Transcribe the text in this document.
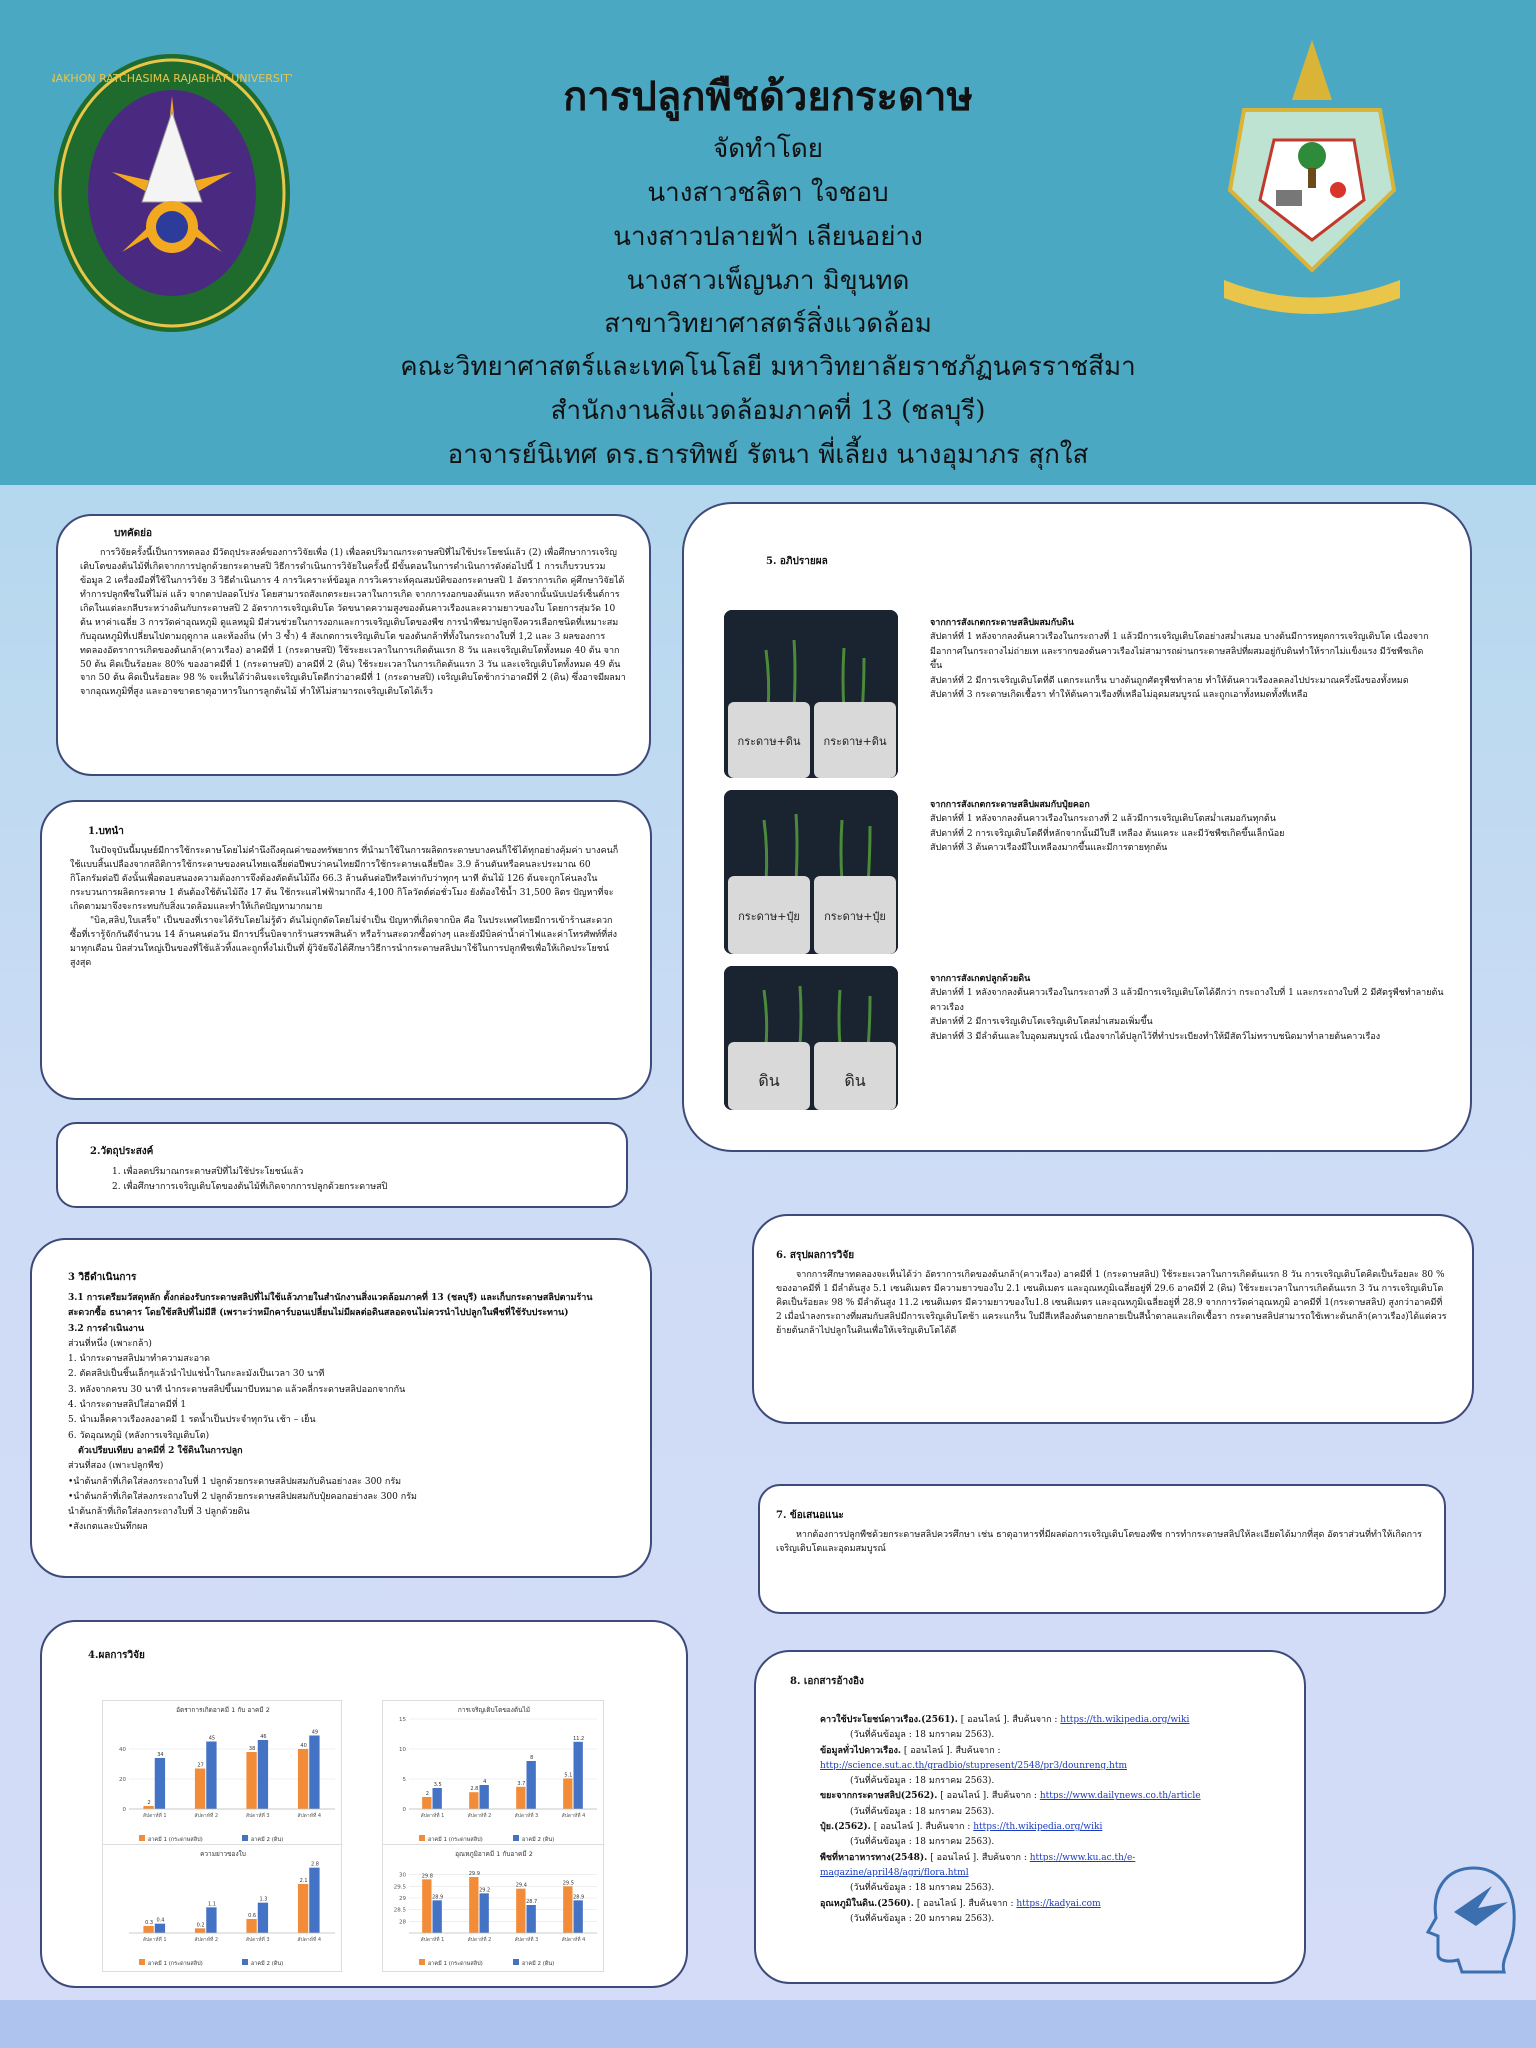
NAKHON RATCHASIMA RAJABHAT UNIVERSITY	การปลูกพืชด้วยกระดาษ
จัดทำโดย
นางสาวชลิตา ใจชอบ
นางสาวปลายฟ้า เลียนอย่าง
นางสาวเพ็ญนภา มิขุนทด
สาขาวิทยาศาสตร์สิ่งแวดล้อม
คณะวิทยาศาสตร์และเทคโนโลยี มหาวิทยาลัยราชภัฏนครราชสีมา
สำนักงานสิ่งแวดล้อมภาคที่ 13 (ชลบุรี)
อาจารย์นิเทศ ดร.ธารทิพย์ รัตนา พี่เลี้ยง นางอุมาภร สุกใส
บทคัดย่อ

การวิจัยครั้งนี้เป็นการทดลอง มีวัตถุประสงค์ของการวิจัยเพื่อ (1) เพื่อลดปริมาณกระดาษสปิที่ไม่ใช้ประโยชน์แล้ว (2) เพื่อศึกษาการเจริญเติบโตของต้นไม้ที่เกิดจากการปลูกด้วยกระดาษสปิ วิธีการดำเนินการวิจัยในครั้งนี้ มีขั้นตอนในการดำเนินการดังต่อไปนี้ 1 การเก็บรวบรวมข้อมูล 2 เครื่องมือที่ใช้ในการวิจัย 3 วิธีดำเนินการ 4 การวิเคราะห์ข้อมูล การวิเคราะห์คุณสมบัติของกระดาษสปิ 1 อัตราการเกิด คู่ศึกษาวิจัยได้ทำการปลูกพืชในที่ไม่ล่ แล้ว จากตาปลอดโปร่ง โดยสามารถสังเกตระยะเวลาในการเกิด จากการงอกของต้นแรก หลังจากนั้นนับเปอร์เซ็นต์การเกิดในแต่ละกลีบระหว่างดินกับกระดาษสปิ 2 อัตราการเจริญเติบโต วัดขนาดความสูงของต้นคาวเรืองและความยาวของใบ โดยการสุ่มวัด 10 ต้น หาค่าเฉลี่ย 3 การวัดค่าอุณหภูมิ ดูแลหมูมิ มีส่วนช่วยในการงอกและการเจริญเติบโตของพืช การนำพืชมาปลูกจึงควรเลือกชนิดที่เหมาะสมกับอุณหภูมิที่เปลี่ยนไปตามฤดูกาล และท้องถิ่น (ทำ 3 ซ้ำ) 4 สังเกตการเจริญเติบโต ของต้นกล้าที่ทั้งในกระถางใบที่ 1,2 และ 3 ผลของการทดลองอัตราการเกิดของต้นกล้า(คาวเรือง) อาคมีที่ 1 (กระดาษสปิ) ใช้ระยะเวลาในการเกิดต้นแรก 8 วัน และเจริญเติบโตทั้งหมด 40 ต้น จาก 50 ต้น คิดเป็นร้อยละ 80% ของอาคมีที่ 1 (กระดาษสปิ) อาคมีที่ 2 (ดิน) ใช้ระยะเวลาในการเกิดต้นแรก 3 วัน และเจริญเติบโตทั้งหมด 49 ต้น จาก 50 ต้น คิดเป็นร้อยละ 98 % จะเห็นได้ว่าดินจะเจริญเติบโตดีกว่าอาคมีที่ 1 (กระดาษสปิ) เจริญเติบโตช้ากว่าอาคมีที่ 2 (ดิน) ซึ่งอาจมีผลมาจากอุณหภูมิที่สูง และอาจขาดธาตุอาหารในการลูกต้นไม้ ทำให้ไม่สามารถเจริญเติบโตได้เร็ว

1.บทนำ

ในปัจจุบันนี้มนุษย์มีการใช้กระดาษโดยไม่คำนึงถึงคุณค่าของทรัพยากร ที่นำมาใช้ในการผลิตกระดาษบางคนก็ใช้ได้ทุกอย่างคุ้มค่า บางคนก็ใช้แบบสิ้นเปลืองจากสถิติการใช้กระดาษของคนไทยเฉลี่ยต่อปีพบว่าคนไทยมีการใช้กระดาษเฉลี่ยปีละ 3.9 ล้านตันหรือคนละประมาณ 60 กิโลกรัมต่อปี ดังนั้นเพื่อตอบสนองความต้องการจึงต้องตัดต้นไม้ถึง 66.3 ล้านต้นต่อปีหรือเท่ากับว่าทุกๆ นาที ต้นไม้ 126 ต้นจะถูกโค่นลงในกระบวนการผลิตกระดาษ 1 ตันต้องใช้ต้นไม้ถึง 17 ต้น ใช้กระแสไฟฟ้ามากถึง 4,100 กิโลวัตต์ต่อชั่วโมง ยังต้องใช้น้ำ 31,500 ลิตร ปัญหาที่จะเกิดตามมาจึงจะกระทบกับสิ่งแวดล้อมและทำให้เกิดปัญหามากมาย

"บิล,สลิป,ใบเสร็จ" เป็นของที่เราจะได้รับโดยไม่รู้ตัว ดันไม่ถูกตัดโดยไม่จำเป็น ปัญหาที่เกิดจากบิล คือ ในประเทศไทยมีการเข้าร้านสะดวกซื้อที่เรารู้จักกันดีจำนวน 14 ล้านคนต่อวัน มีการปริ้นบิลจากร้านสรรพสินค้า หรือร้านสะดวกซื้อต่างๆ และยังมีบิลค่าน้ำค่าไฟและค่าโทรศัพท์ที่ส่งมาทุกเดือน บิลส่วนใหญ่เป็นของที่ใช้แล้วทิ้งและถูกทิ้งไม่เป็นที่ ผู้วิจัยจึงได้ศึกษาวิธีการนำกระดาษสลิปมาใช้ในการปลูกพืชเพื่อให้เกิดประโยชน์สูงสุด

2.วัตถุประสงค์
1. เพื่อลดปริมาณกระดาษสปิที่ไม่ใช้ประโยชน์แล้ว
2. เพื่อศึกษาการเจริญเติบโตของต้นไม้ที่เกิดจากการปลูกด้วยกระดาษสปิ
3 วิธีดำเนินการ
3.1 การเตรียมวัสดุหลัก ตั้งกล่องรับกระดาษสลิปที่ไม่ใช้แล้วภายในสำนักงานสิ่งแวดล้อมภาคที่ 13 (ชลบุรี) และเก็บกระดาษสลิปตามร้านสะดวกซื้อ ธนาคาร โดยใช้สลิปที่ไม่มีสี (เพราะว่าหมึกคาร์บอนเปลี่ยนไม่มีผลต่อดินสลอดจนไม่ควรนำไปปลูกในพืชที่ใช้รับประทาน)
3.2 การดำเนินงาน
ส่วนที่หนึ่ง (เพาะกล้า)
1. นำกระดาษสลิปมาทำความสะอาด
2. ตัดสลิปเป็นชิ้นเล็กๆแล้วนำไปแช่น้ำในกะละมังเป็นเวลา 30 นาที
3. หลังจากครบ 30 นาที นำกระดาษสลิปขึ้นมาบีบหมาด แล้วคลี่กระดาษสลิปออกจากกัน
4. นำกระดาษสลิปใส่อาคมีที่ 1
5. นำเมล็ดคาวเรืองลงอาคมี 1 รดน้ำเป็นประจำทุกวัน เช้า – เย็น
6. วัดอุณหภูมิ (หลังการเจริญเติบโต)
ตัวเปรียบเทียบ อาคมีที่ 2 ใช้ดินในการปลูก
ส่วนที่สอง (เพาะปลูกพืช)
•นำต้นกล้าที่เกิดใส่ลงกระถางใบที่ 1 ปลูกด้วยกระดาษสลิปผสมกับดินอย่างละ 300 กรัม
•นำต้นกล้าที่เกิดใส่ลงกระถางใบที่ 2 ปลูกด้วยกระดาษสลิปผสมกับปุ๋ยคอกอย่างละ 300 กรัม
นำต้นกล้าที่เกิดใส่ลงกระถางใบที่ 3 ปลูกด้วยดิน
•สังเกตและบันทึกผล
4.ผลการวิจัย
อัตราการเกิดอาคมี 1 กับ อาคมี 2
0
20
40
2
34
สัปดาห์ที่ 1
27
45
สัปดาห์ที่ 2
38
46
สัปดาห์ที่ 3
40
49
สัปดาห์ที่ 4
อาคมี 1 (กระดาษสลิป)	อาคมี 2 (ดิน)
การเจริญเติบโตของต้นไม้
0
5
10
15
2
3.5
สัปดาห์ที่ 1
2.8
4
สัปดาห์ที่ 2
3.7
8
สัปดาห์ที่ 3
5.1
11.2
สัปดาห์ที่ 4
อาคมี 1 (กระดาษสลิป)	อาคมี 2 (ดิน)
ความยาวของใบ
0.3 0.4
สัปดาห์ที่ 1
0.2
1.1
สัปดาห์ที่ 2
0.6
1.3
สัปดาห์ที่ 3
2.1
2.8
สัปดาห์ที่ 4
อาคมี 1 (กระดาษสลิป)	อาคมี 2 (ดิน)
อุณหภูมิอาคมี 1 กับอาคมี 2
28
28.5
29
29.5
30	29.8
28.9
สัปดาห์ที่ 1
29.9
29.2
สัปดาห์ที่ 2
29.4
28.7
สัปดาห์ที่ 3
29.5
28.9
สัปดาห์ที่ 4
อาคมี 1 (กระดาษสลิป)	อาคมี 2 (ดิน)
5. อภิปรายผล
กระดาษ+ดิน กระดาษ+ดิน
จากการสังเกตกระดาษสลิปผสมกับดิน
สัปดาห์ที่ 1 หลังจากลงต้นคาวเรืองในกระถางที่ 1 แล้วมีการเจริญเติบโตอย่างสม่ำเสมอ บางต้นมีการหยุดการเจริญเติบโต เนื่องจากมีอากาศในกระถางไม่ถ่ายเท และรากของต้นคาวเรืองไม่สามารถผ่านกระดาษสลิปที่ผสมอยู่กับดินทำให้รากไม่แข็งแรง มีวัชพืชเกิดขึ้น
สัปดาห์ที่ 2 มีการเจริญเติบโตที่ดี แตกระแกร็น บางต้นถูกศัตรูพืชทำลาย ทำให้ต้นคาวเรืองลดลงไปประมาณครึ่งนึงของทั้งหมด
สัปดาห์ที่ 3 กระดาษเกิดเชื้อรา ทำให้ต้นคาวเรืองที่เหลือไม่อุดมสมบูรณ์ และถูกเอาทั้งหมดทั้งที่เหลือ
กระดาษ+ปุ๋ย กระดาษ+ปุ๋ย
จากการสังเกตกระดาษสลิปผสมกับปุ๋ยคอก
สัปดาห์ที่ 1 หลังจากลงต้นคาวเรืองในกระถางที่ 2 แล้วมีการเจริญเติบโตสม่ำเสมอกันทุกต้น
สัปดาห์ที่ 2 การเจริญเติบโตดีที่หลักจากนั้นมีใบสี เหลือง ต้นแคระ และมีวัชพืชเกิดขึ้นเล็กน้อย
สัปดาห์ที่ 3 ต้นคาวเรืองมีใบเหลืองมากขึ้นและมีการตายทุกต้น
ดิน	ดิน
จากการสังเกตปลูกด้วยดิน
สัปดาห์ที่ 1 หลังจากลงต้นคาวเรืองในกระถางที่ 3 แล้วมีการเจริญเติบโตได้ดีกว่า กระถางใบที่ 1 และกระถางใบที่ 2 มีศัตรูพืชทำลายต้นคาวเรือง
สัปดาห์ที่ 2 มีการเจริญเติบโตเจริญเติบโตสม่ำเสมอเพิ่มขึ้น
สัปดาห์ที่ 3 มีลำต้นและใบอุดมสมบูรณ์ เนื่องจากได้ปลูกไว้ที่ทำประเบียงทำให้มีสัตว์ไม่ทราบชนิดมาทำลายต้นคาวเรือง
6. สรุปผลการวิจัย

จากการศึกษาทดลองจะเห็นได้ว่า อัตราการเกิดของต้นกล้า(คาวเรือง) อาคมีที่ 1 (กระดาษสลิป) ใช้ระยะเวลาในการเกิดต้นแรก 8 วัน การเจริญเติบโตคิดเป็นร้อยละ 80 % ของอาคมีที่ 1 มีลำต้นสูง 5.1 เซนติเมตร มีความยาวของใบ 2.1 เซนติเมตร และอุณหภูมิเฉลี่ยอยู่ที่ 29.6 อาคมีที่ 2 (ดิน) ใช้ระยะเวลาในการเกิดต้นแรก 3 วัน การเจริญเติบโตคิดเป็นร้อยละ 98 % มีลำต้นสูง 11.2 เซนติเมตร มีความยาวของใบ1.8 เซนติเมตร และอุณหภูมิเฉลี่ยอยู่ที่ 28.9 จากการวัดค่าอุณหภูมิ อาคมีที่ 1(กระดาษสลิป) สูงกว่าอาคมีที่ 2 เมื่อนำลงกระถางที่ผสมกับสลิปมีการเจริญเติบโตช้า แคระแกร็น ใบมีสีเหลืองต้นตายกลายเป็นสีน้ำตาลและเกิดเชื้อรา กระดาษสลิปสามารถใช้เพาะต้นกล้า(คาวเรือง)ได้แต่ควรย้ายต้นกล้าไปปลูกในดินเพื่อให้เจริญเติบโตได้ดี

7. ข้อเสนอแนะ

หากต้องการปลูกพืชด้วยกระดาษสลิปควรศึกษา เช่น ธาตุอาหารที่มีผลต่อการเจริญเติบโตของพืช การทำกระดาษสลิปให้ละเอียดได้มากที่สุด อัตราส่วนที่ทำให้เกิดการเจริญเติบโตและอุดมสมบูรณ์

8. เอกสารอ้างอิง
คาวใช้ประโยชน์ดาวเรือง.(2561). [ ออนไลน์ ]. สืบค้นจาก : https://th.wikipedia.org/wiki
(วันที่ค้นข้อมูล : 18 มกราคม 2563).
ข้อมูลทั่วไปดาวเรือง. [ ออนไลน์ ]. สืบค้นจาก : http://science.sut.ac.th/gradbio/stupresent/2548/pr3/dounreng.htm
(วันที่ค้นข้อมูล : 18 มกราคม 2563).
ขยะจากกระดาษสลิป(2562). [ ออนไลน์ ]. สืบค้นจาก : https://www.dailynews.co.th/article
(วันที่ค้นข้อมูล : 18 มกราคม 2563).
ปุ๋ย.(2562). [ ออนไลน์ ]. สืบค้นจาก : https://th.wikipedia.org/wiki
(วันที่ค้นข้อมูล : 18 มกราคม 2563).
พืชที่หาอาหารทาง(2548). [ ออนไลน์ ]. สืบค้นจาก : https://www.ku.ac.th/e-magazine/april48/agri/flora.html
(วันที่ค้นข้อมูล : 18 มกราคม 2563).
อุณหภูมิในดิน.(2560). [ ออนไลน์ ]. สืบค้นจาก : https://kadyai.com
(วันที่ค้นข้อมูล : 20 มกราคม 2563).
